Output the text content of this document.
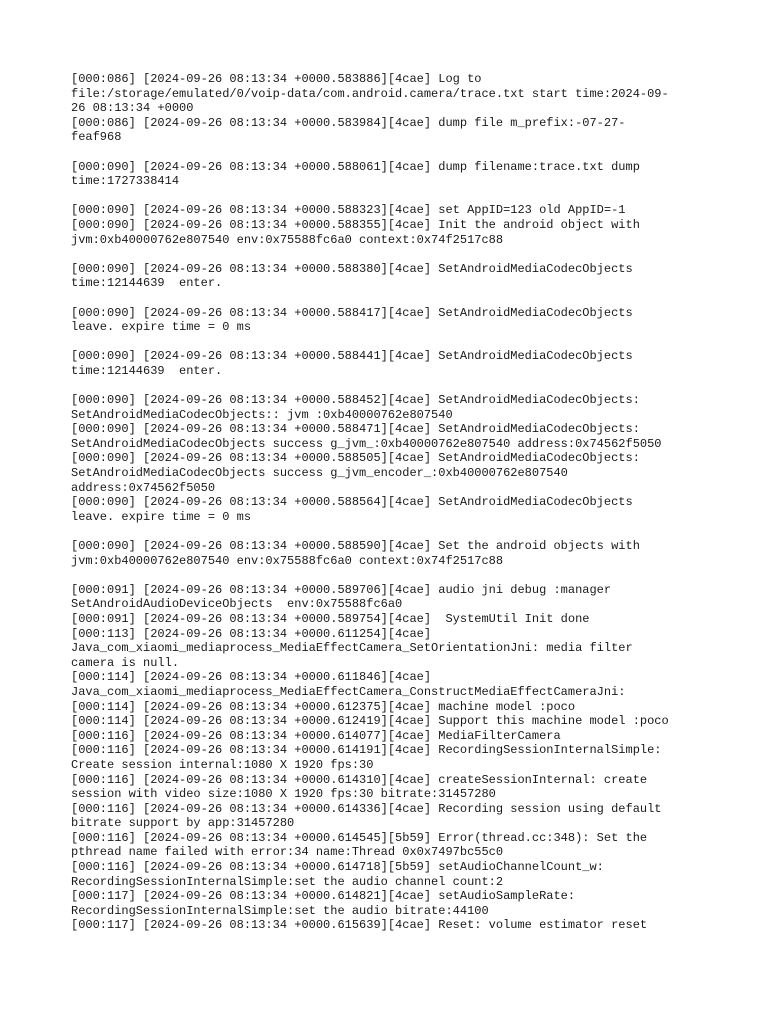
[000:086] [2024-09-26 08:13:34 +0000.583886][4cae] Log to
file:/storage/emulated/0/voip-data/com.android.camera/trace.txt start time:2024-09-
26 08:13:34 +0000
[000:086] [2024-09-26 08:13:34 +0000.583984][4cae] dump file m_prefix:-07-27-
feaf968
[000:090] [2024-09-26 08:13:34 +0000.588061][4cae] dump filename:trace.txt dump
time:1727338414
[000:090] [2024-09-26 08:13:34 +0000.588323][4cae] set AppID=123 old AppID=-1
[000:090] [2024-09-26 08:13:34 +0000.588355][4cae] Init the android object with
jvm:0xb40000762e807540 env:0x75588fc6a0 context:0x74f2517c88
[000:090] [2024-09-26 08:13:34 +0000.588380][4cae] SetAndroidMediaCodecObjects
time:12144639  enter.
[000:090] [2024-09-26 08:13:34 +0000.588417][4cae] SetAndroidMediaCodecObjects
leave. expire time = 0 ms
[000:090] [2024-09-26 08:13:34 +0000.588441][4cae] SetAndroidMediaCodecObjects
time:12144639  enter.
[000:090] [2024-09-26 08:13:34 +0000.588452][4cae] SetAndroidMediaCodecObjects:
SetAndroidMediaCodecObjects:: jvm :0xb40000762e807540
[000:090] [2024-09-26 08:13:34 +0000.588471][4cae] SetAndroidMediaCodecObjects:
SetAndroidMediaCodecObjects success g_jvm_:0xb40000762e807540 address:0x74562f5050
[000:090] [2024-09-26 08:13:34 +0000.588505][4cae] SetAndroidMediaCodecObjects:
SetAndroidMediaCodecObjects success g_jvm_encoder_:0xb40000762e807540
address:0x74562f5050
[000:090] [2024-09-26 08:13:34 +0000.588564][4cae] SetAndroidMediaCodecObjects
leave. expire time = 0 ms
[000:090] [2024-09-26 08:13:34 +0000.588590][4cae] Set the android objects with
jvm:0xb40000762e807540 env:0x75588fc6a0 context:0x74f2517c88
[000:091] [2024-09-26 08:13:34 +0000.589706][4cae] audio jni debug :manager
SetAndroidAudioDeviceObjects  env:0x75588fc6a0
[000:091] [2024-09-26 08:13:34 +0000.589754][4cae]  SystemUtil Init done
[000:113] [2024-09-26 08:13:34 +0000.611254][4cae]
Java_com_xiaomi_mediaprocess_MediaEffectCamera_SetOrientationJni: media filter
camera is null.
[000:114] [2024-09-26 08:13:34 +0000.611846][4cae]
Java_com_xiaomi_mediaprocess_MediaEffectCamera_ConstructMediaEffectCameraJni:
[000:114] [2024-09-26 08:13:34 +0000.612375][4cae] machine model :poco
[000:114] [2024-09-26 08:13:34 +0000.612419][4cae] Support this machine model :poco
[000:116] [2024-09-26 08:13:34 +0000.614077][4cae] MediaFilterCamera
[000:116] [2024-09-26 08:13:34 +0000.614191][4cae] RecordingSessionInternalSimple:
Create session internal:1080 X 1920 fps:30
[000:116] [2024-09-26 08:13:34 +0000.614310][4cae] createSessionInternal: create
session with video size:1080 X 1920 fps:30 bitrate:31457280
[000:116] [2024-09-26 08:13:34 +0000.614336][4cae] Recording session using default
bitrate support by app:31457280
[000:116] [2024-09-26 08:13:34 +0000.614545][5b59] Error(thread.cc:348): Set the
pthread name failed with error:34 name:Thread 0x0x7497bc55c0
[000:116] [2024-09-26 08:13:34 +0000.614718][5b59] setAudioChannelCount_w:
RecordingSessionInternalSimple:set the audio channel count:2
[000:117] [2024-09-26 08:13:34 +0000.614821][4cae] setAudioSampleRate:
RecordingSessionInternalSimple:set the audio bitrate:44100
[000:117] [2024-09-26 08:13:34 +0000.615639][4cae] Reset: volume estimator reset
